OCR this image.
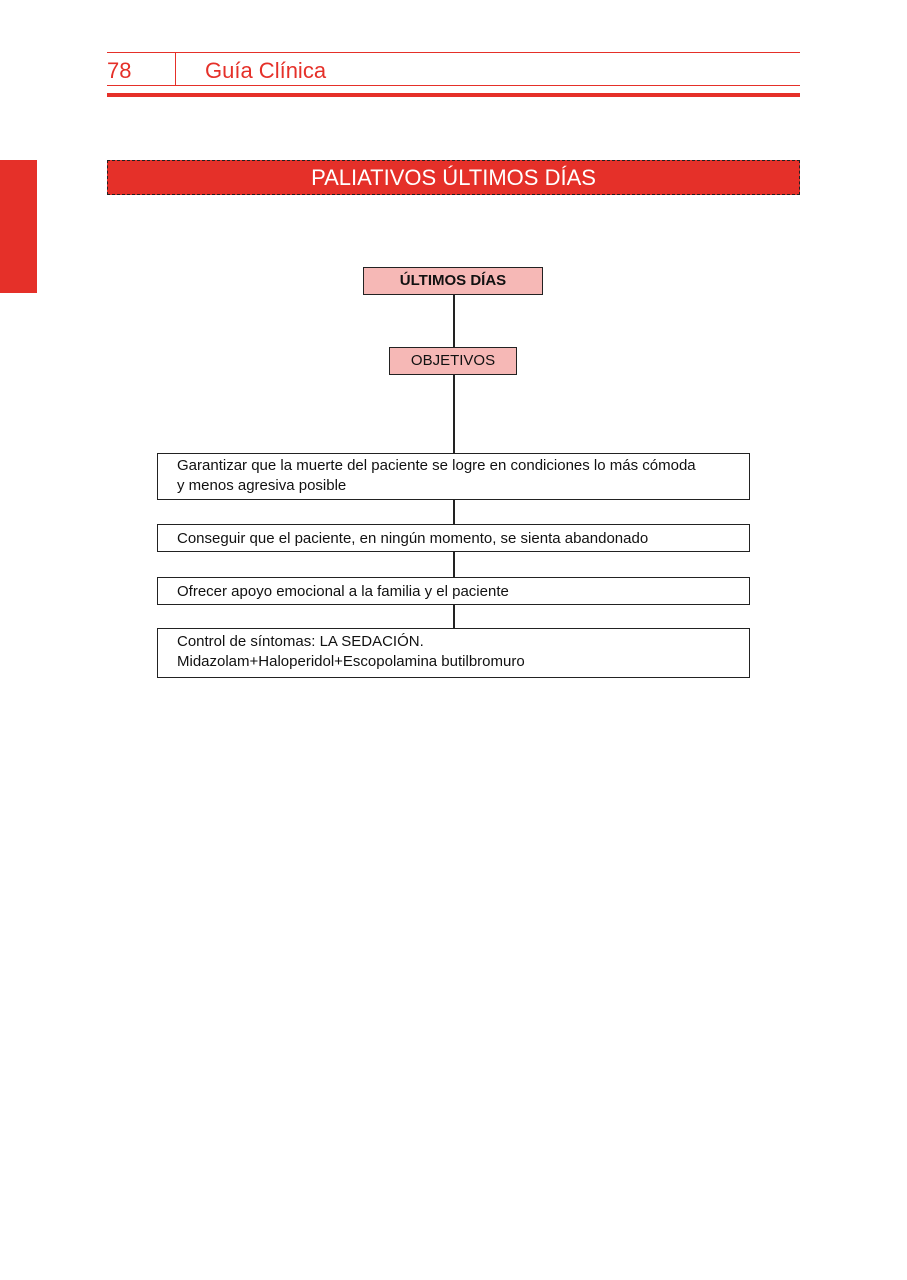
78	Guía Clínica
PALIATIVOS ÚLTIMOS DÍAS
ÚLTIMOS DÍAS
OBJETIVOS
Garantizar que la muerte del paciente se logre en condiciones lo más cómoda
y menos agresiva posible
Conseguir que el paciente, en ningún momento, se sienta abandonado
Ofrecer apoyo emocional a la familia y el paciente
Control de síntomas: LA SEDACIÓN.
Midazolam+Haloperidol+Escopolamina butilbromuro
